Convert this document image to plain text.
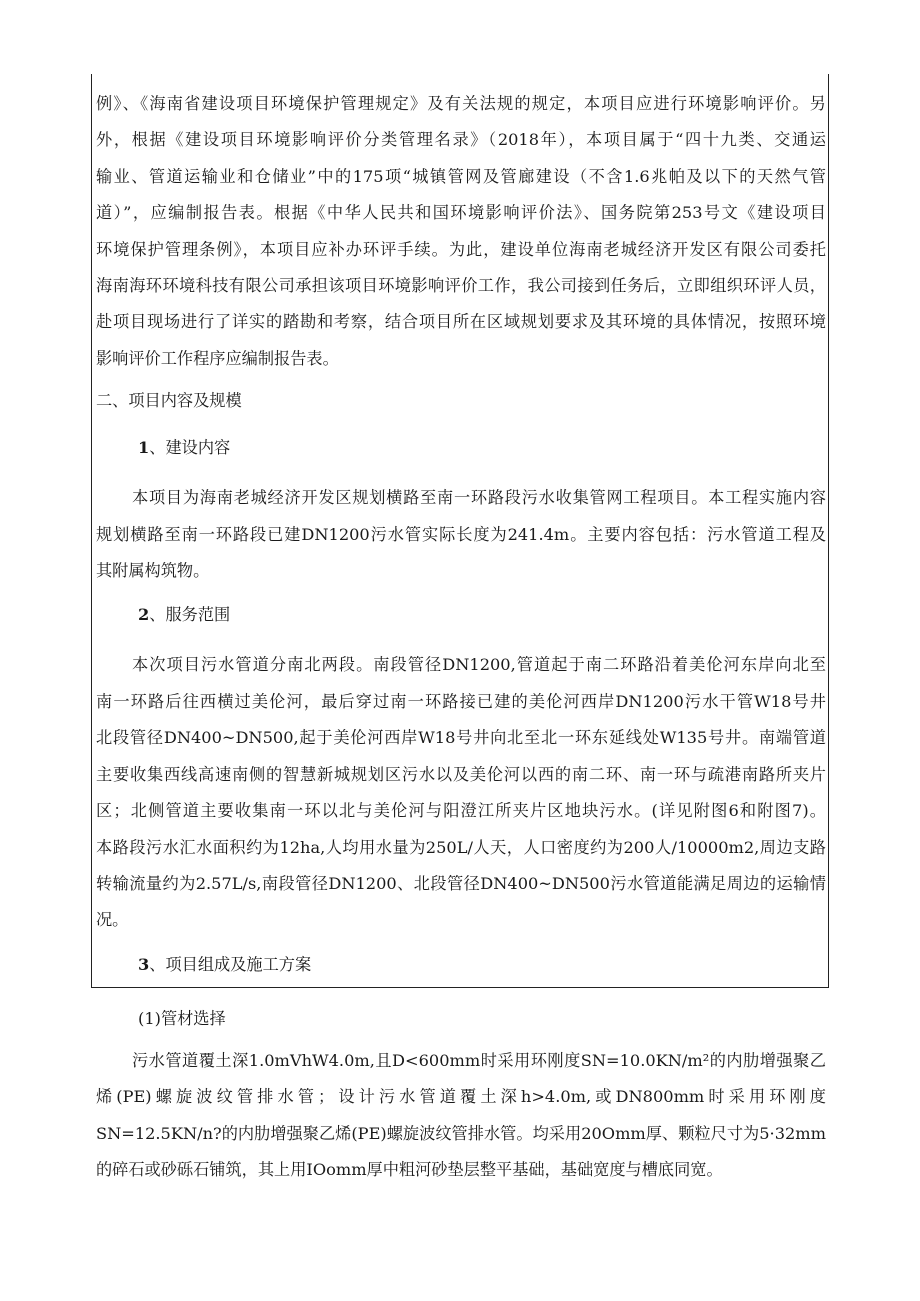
例》、《海南省建设项目环境保护管理规定》及有关法规的规定，本项目应进行环境影响评价。另

外，根据《建设项目环境影响评价分类管理名录》（2018年），本项目属于“四十九类、交通运

输业、管道运输业和仓储业”中的175项“城镇管网及管廊建设（不含1.6兆帕及以下的天然气管

道）”，应编制报告表。根据《中华人民共和国环境影响评价法》、国务院第253号文《建设项目

环境保护管理条例》，本项目应补办环评手续。为此，建设单位海南老城经济开发区有限公司委托

海南海环环境科技有限公司承担该项目环境影响评价工作，我公司接到任务后，立即组织环评人员，

赴项目现场进行了详实的踏勘和考察，结合项目所在区域规划要求及其环境的具体情况，按照环境

影响评价工作程序应编制报告表。

二、项目内容及规模

1、建设内容

本项目为海南老城经济开发区规划横路至南一环路段污水收集管网工程项目。本工程实施内容

规划横路至南一环路段已建DN1200污水管实际长度为241.4m。主要内容包括：污水管道工程及

其附属构筑物。

2、服务范围

本次项目污水管道分南北两段。南段管径DN1200,管道起于南二环路沿着美伦河东岸向北至

南一环路后往西横过美伦河，最后穿过南一环路接已建的美伦河西岸DN1200污水干管W18号井

北段管径DN400~DN500,起于美伦河西岸W18号井向北至北一环东延线处W135号井。南端管道

主要收集西线高速南侧的智慧新城规划区污水以及美伦河以西的南二环、南一环与疏港南路所夹片

区；北侧管道主要收集南一环以北与美伦河与阳澄江所夹片区地块污水。(详见附图6和附图7)。

本路段污水汇水面积约为12ha,人均用水量为250L/人天，人口密度约为200人/10000m2,周边支路

转输流量约为2.57L/s,南段管径DN1200、北段管径DN400~DN500污水管道能满足周边的运输情

况。

3、项目组成及施工方案

(1)管材选择

污水管道覆土深1.0mVhW4.0m,且D<600mm时采用环刚度SN=10.0KN/m²的内肋增强聚乙

烯(PE)螺旋波纹管排水管；设计污水管道覆土深h>4.0m,或DN800mm时采用环刚度

SN=12.5KN/n?的内肋增强聚乙烯(PE)螺旋波纹管排水管。均采用20Omm厚、颗粒尺寸为5·32mm

的碎石或砂砾石铺筑，其上用IOomm厚中粗河砂垫层整平基础，基础宽度与槽底同宽。
